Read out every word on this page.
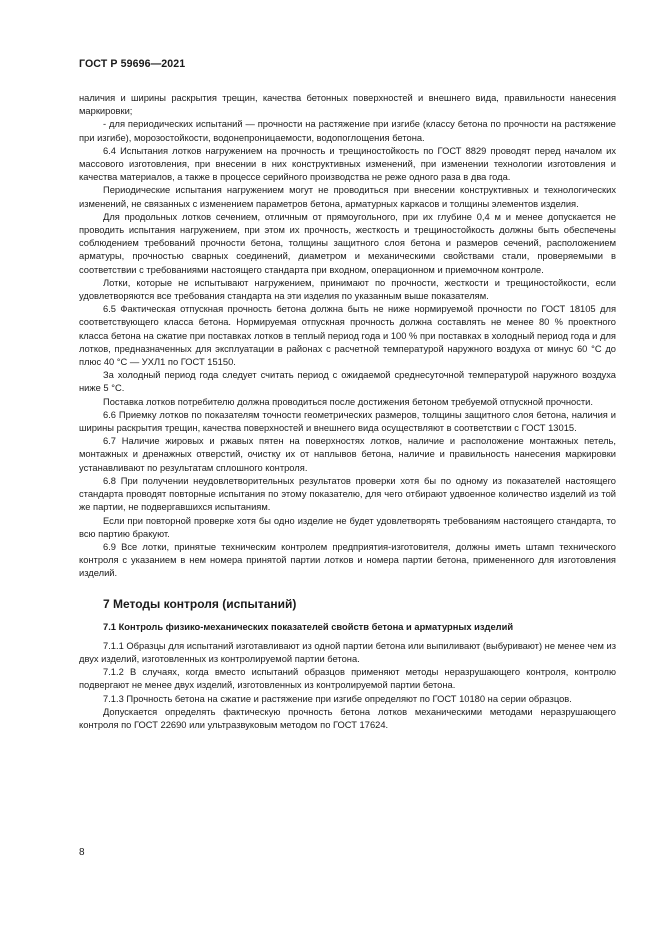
ГОСТ Р 59696—2021

наличия и ширины раскрытия трещин, качества бетонных поверхностей и внешнего вида, правильности нанесения маркировки;

- для периодических испытаний — прочности на растяжение при изгибе (классу бетона по прочности на растяжение при изгибе), морозостойкости, водонепроницаемости, водопоглощения бетона.

6.4 Испытания лотков нагружением на прочность и трещиностойкость по ГОСТ 8829 проводят перед началом их массового изготовления, при внесении в них конструктивных изменений, при изменении технологии изготовления и качества материалов, а также в процессе серийного производства не реже одного раза в два года.

Периодические испытания нагружением могут не проводиться при внесении конструктивных и технологических изменений, не связанных с изменением параметров бетона, арматурных каркасов и толщины элементов изделия.

Для продольных лотков сечением, отличным от прямоугольного, при их глубине 0,4 м и менее допускается не проводить испытания нагружением, при этом их прочность, жесткость и трещиностойкость должны быть обеспечены соблюдением требований прочности бетона, толщины защитного слоя бетона и размеров сечений, расположением арматуры, прочностью сварных соединений, диаметром и механическими свойствами стали, проверяемыми в соответствии с требованиями настоящего стандарта при входном, операционном и приемочном контроле.

Лотки, которые не испытывают нагружением, принимают по прочности, жесткости и трещиностойкости, если удовлетворяются все требования стандарта на эти изделия по указанным выше показателям.

6.5 Фактическая отпускная прочность бетона должна быть не ниже нормируемой прочности по ГОСТ 18105 для соответствующего класса бетона. Нормируемая отпускная прочность должна составлять не менее 80 % проектного класса бетона на сжатие при поставках лотков в теплый период года и 100 % при поставках в холодный период года и для лотков, предназначенных для эксплуатации в районах с расчетной температурой наружного воздуха от минус 60 °С до плюс 40 °С — УХЛ1 по ГОСТ 15150.

За холодный период года следует считать период с ожидаемой среднесуточной температурой наружного воздуха ниже 5 °С.

Поставка лотков потребителю должна проводиться после достижения бетоном требуемой отпускной прочности.

6.6 Приемку лотков по показателям точности геометрических размеров, толщины защитного слоя бетона, наличия и ширины раскрытия трещин, качества поверхностей и внешнего вида осуществляют в соответствии с ГОСТ 13015.

6.7 Наличие жировых и ржавых пятен на поверхностях лотков, наличие и расположение монтажных петель, монтажных и дренажных отверстий, очистку их от наплывов бетона, наличие и правильность нанесения маркировки устанавливают по результатам сплошного контроля.

6.8 При получении неудовлетворительных результатов проверки хотя бы по одному из показателей настоящего стандарта проводят повторные испытания по этому показателю, для чего отбирают удвоенное количество изделий из той же партии, не подвергавшихся испытаниям.

Если при повторной проверке хотя бы одно изделие не будет удовлетворять требованиям настоящего стандарта, то всю партию бракуют.

6.9 Все лотки, принятые техническим контролем предприятия-изготовителя, должны иметь штамп технического контроля с указанием в нем номера принятой партии лотков и номера партии бетона, примененного для изготовления изделий.

7 Методы контроля (испытаний)

7.1 Контроль физико-механических показателей свойств бетона и арматурных изделий

7.1.1 Образцы для испытаний изготавливают из одной партии бетона или выпиливают (выбуривают) не менее чем из двух изделий, изготовленных из контролируемой партии бетона.

7.1.2 В случаях, когда вместо испытаний образцов применяют методы неразрушающего контроля, контролю подвергают не менее двух изделий, изготовленных из контролируемой партии бетона.

7.1.3 Прочность бетона на сжатие и растяжение при изгибе определяют по ГОСТ 10180 на серии образцов.

Допускается определять фактическую прочность бетона лотков механическими методами неразрушающего контроля по ГОСТ 22690 или ультразвуковым методом по ГОСТ 17624.

8
